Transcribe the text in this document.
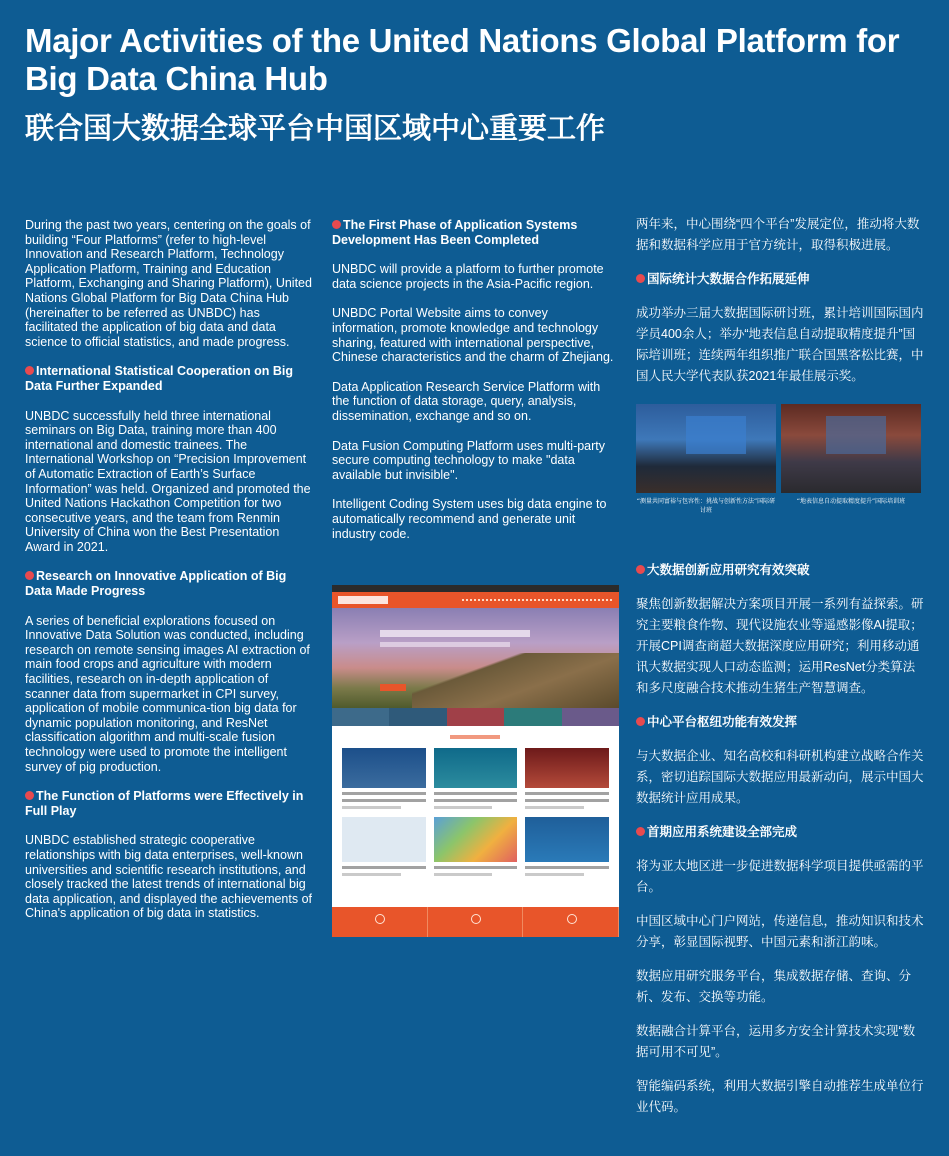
Major Activities of the United Nations Global Platform for Big Data China Hub
联合国大数据全球平台中国区域中心重要工作

During the past two years, centering on the goals of building “Four Platforms” (refer to high-level Innovation and Research Platform, Technology Application Platform, Training and Education Platform, Exchanging and Sharing Platform), United Nations Global Platform for Big Data China Hub (hereinafter to be referred as UNBDC) has facilitated the application of big data and data science to official statistics, and made progress.

International Statistical Cooperation on Big Data Further Expanded

UNBDC successfully held three international seminars on Big Data, training more than 400 international and domestic trainees. The International Workshop on “Precision Improvement of Automatic Extraction of Earth’s Surface Information” was held. Organized and promoted the United Nations Hackathon Competition for two consecutive years, and the team from Renmin University of China won the Best Presentation Award in 2021.

Research on Innovative Application of Big Data Made Progress

A series of beneficial explorations focused on Innovative Data Solution was conducted, including research on remote sensing images AI extraction of main food crops and agriculture with modern facilities, research on in-depth application of scanner data from supermarket in CPI survey, application of mobile communica-tion big data for dynamic population monitoring, and ResNet classification algorithm and multi-scale fusion technology were used to promote the intelligent survey of pig production.

The Function of Platforms were Effectively in Full Play

UNBDC established strategic cooperative relationships with big data enterprises, well-known universities and scientific research institutions, and closely tracked the latest trends of international big data application, and displayed the achievements of China's application of big data in statistics.

The First Phase of Application Systems Development Has Been Completed

UNBDC will provide a platform to further promote data science projects in the Asia-Pacific region.

UNBDC Portal Website aims to convey information, promote knowledge and technology sharing, featured with international perspective, Chinese characteristics and the charm of Zhejiang.

Data Application Research Service Platform with the function of data storage, query, analysis, dissemination, exchange and so on.

Data Fusion Computing Platform uses multi-party secure computing technology to make "data available but invisible".

Intelligent Coding System uses big data engine to automatically recommend and generate unit industry code.

两年来，中心围绕“四个平台”发展定位，推动将大数据和数据科学应用于官方统计，取得积极进展。

国际统计大数据合作拓展延伸

成功举办三届大数据国际研讨班，累计培训国际国内学员400余人；举办“地表信息自动提取精度提升”国际培训班；连续两年组织推广联合国黑客松比赛，中国人民大学代表队获2021年最佳展示奖。

大数据创新应用研究有效突破

聚焦创新数据解决方案项目开展一系列有益探索。研究主要粮食作物、现代设施农业等遥感影像AI提取；开展CPI调查商超大数据深度应用研究；利用移动通讯大数据实现人口动态监测；运用ResNet分类算法和多尺度融合技术推动生猪生产智慧调查。

中心平台枢纽功能有效发挥

与大数据企业、知名高校和科研机构建立战略合作关系，密切追踪国际大数据应用最新动向，展示中国大数据统计应用成果。

首期应用系统建设全部完成

将为亚太地区进一步促进数据科学项目提供亟需的平台。

中国区域中心门户网站，传递信息，推动知识和技术分享，彰显国际视野、中国元素和浙江韵味。

数据应用研究服务平台，集成数据存储、查询、分析、发布、交换等功能。

数据融合计算平台，运用多方安全计算技术实现“数据可用不可见”。

智能编码系统，利用大数据引擎自动推荐生成单位行业代码。

“测量共同富裕与包容性：挑战与创新性方法”国际研讨班
“地表信息自动提取精度提升”国际培训班
